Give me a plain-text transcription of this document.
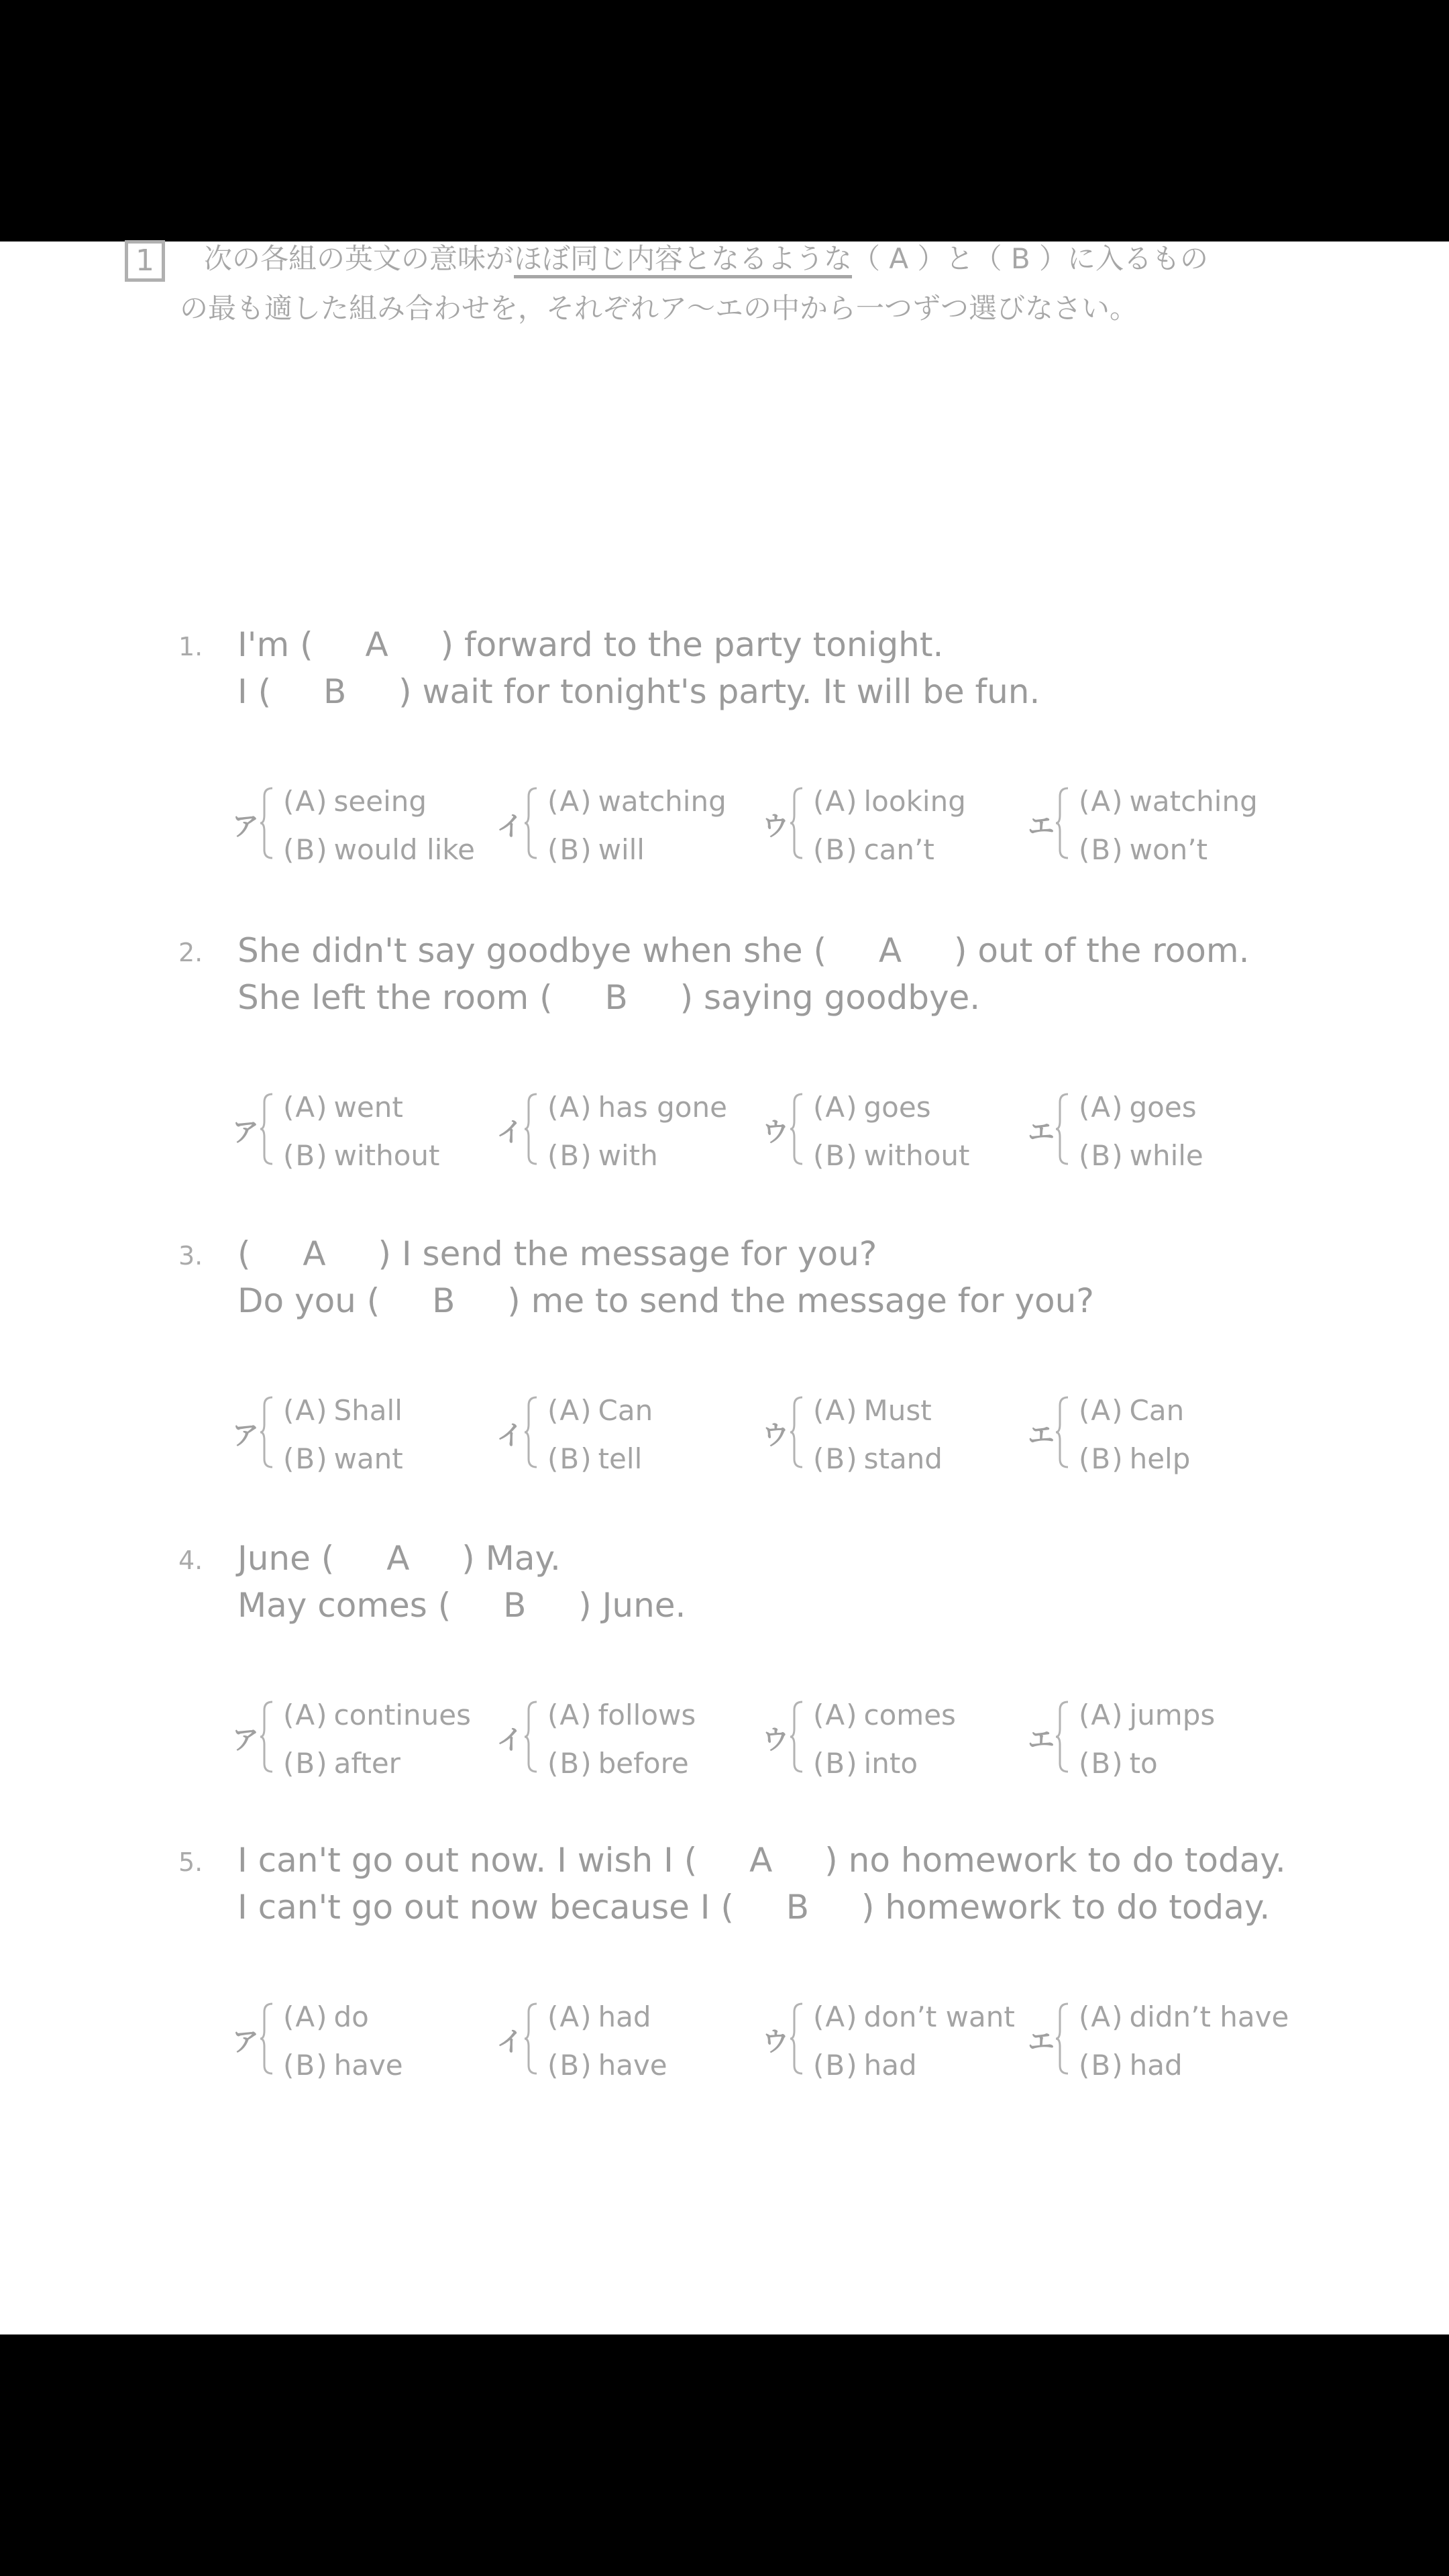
1	次の各組の英文の意味がほぼ同じ内容となるような（ A ）と（ B ）に入るもの
の最も適した組み合わせを，それぞれア～エの中から一つずつ選びなさい。
1. I'm ( A ) forward to the party tonight.
I ( B ) wait for tonight's party. It will be fun.
ア
(A) seeing
(B) would like
イ
(A) watching
(B) will
ウ
(A) looking
(B) can’t
エ
(A) watching
(B) won’t
2. She didn't say goodbye when she ( A ) out of the room.
She left the room ( B ) saying goodbye.
ア
(A) went
(B) without
イ
(A) has gone
(B) with
ウ
(A) goes
(B) without
エ
(A) goes
(B) while
3. ( A ) I send the message for you?
Do you ( B ) me to send the message for you?
ア
(A) Shall
(B) want
イ
(A) Can
(B) tell
ウ
(A) Must
(B) stand
エ
(A) Can
(B) help
4. June ( A ) May.
May comes ( B ) June.
ア
(A) continues
(B) after
イ
(A) follows
(B) before
ウ
(A) comes
(B) into
エ
(A) jumps
(B) to
5. I can't go out now. I wish I ( A ) no homework to do today.
I can't go out now because I ( B ) homework to do today.
ア
(A) do
(B) have
イ
(A) had
(B) have
ウ
(A) don’t want
(B) had
エ
(A) didn’t have
(B) had
